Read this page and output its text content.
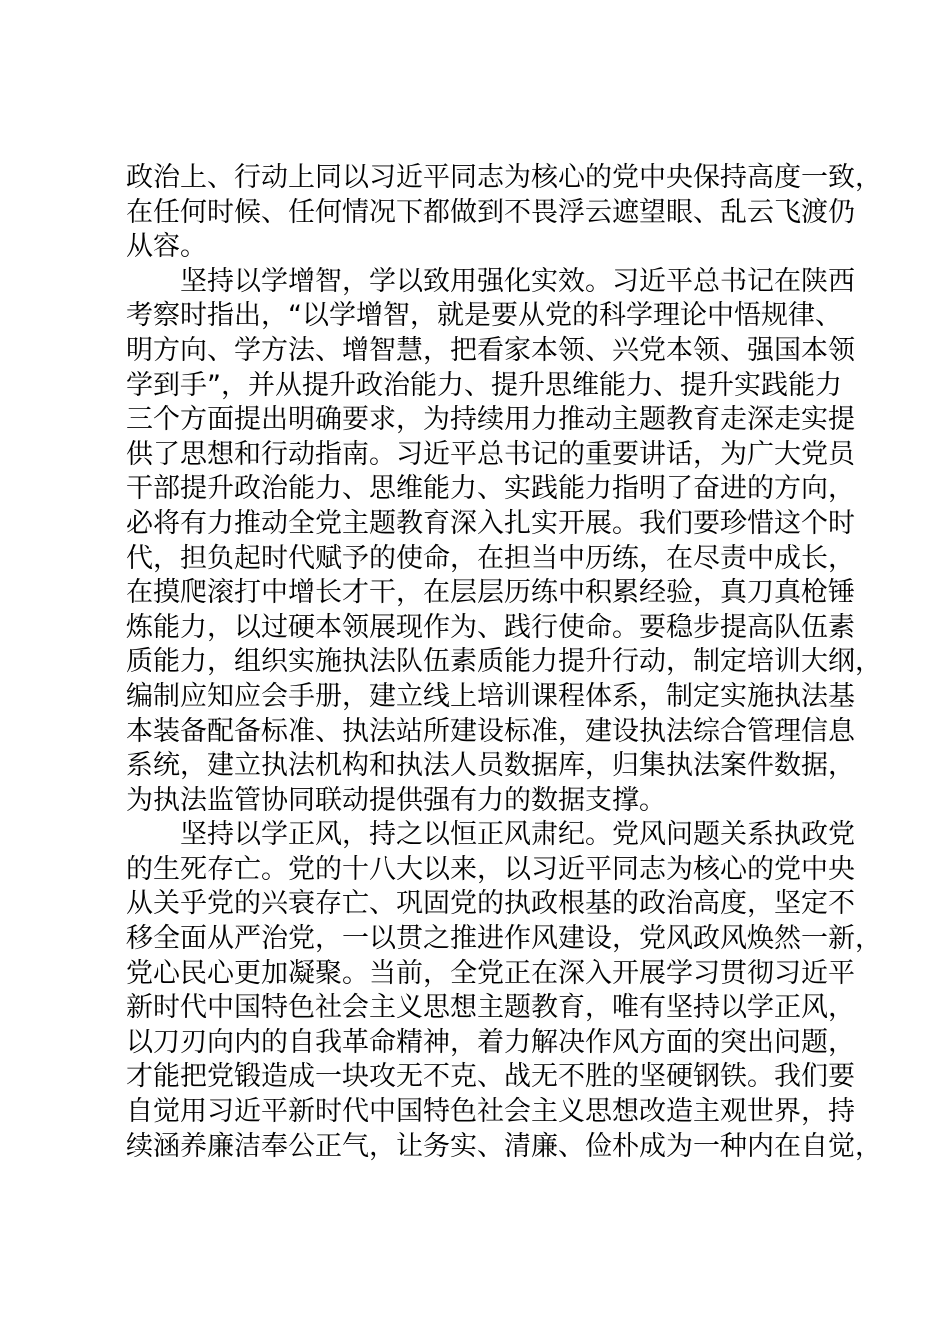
政治上、行动上同以习近平同志为核心的党中央保持高度一致，
在任何时候、任何情况下都做到不畏浮云遮望眼、乱云飞渡仍
从容。
坚持以学增智，学以致用强化实效。习近平总书记在陕西
考察时指出，“以学增智，就是要从党的科学理论中悟规律、
明方向、学方法、增智慧，把看家本领、兴党本领、强国本领
学到手”，并从提升政治能力、提升思维能力、提升实践能力
三个方面提出明确要求，为持续用力推动主题教育走深走实提
供了思想和行动指南。习近平总书记的重要讲话，为广大党员
干部提升政治能力、思维能力、实践能力指明了奋进的方向，
必将有力推动全党主题教育深入扎实开展。我们要珍惜这个时
代，担负起时代赋予的使命，在担当中历练，在尽责中成长，
在摸爬滚打中增长才干，在层层历练中积累经验，真刀真枪锤
炼能力，以过硬本领展现作为、践行使命。要稳步提高队伍素
质能力，组织实施执法队伍素质能力提升行动，制定培训大纲，
编制应知应会手册，建立线上培训课程体系，制定实施执法基
本装备配备标准、执法站所建设标准，建设执法综合管理信息
系统，建立执法机构和执法人员数据库，归集执法案件数据，
为执法监管协同联动提供强有力的数据支撑。
坚持以学正风，持之以恒正风肃纪。党风问题关系执政党
的生死存亡。党的十八大以来，以习近平同志为核心的党中央
从关乎党的兴衰存亡、巩固党的执政根基的政治高度，坚定不
移全面从严治党，一以贯之推进作风建设，党风政风焕然一新，
党心民心更加凝聚。当前，全党正在深入开展学习贯彻习近平
新时代中国特色社会主义思想主题教育，唯有坚持以学正风，
以刀刃向内的自我革命精神，着力解决作风方面的突出问题，
才能把党锻造成一块攻无不克、战无不胜的坚硬钢铁。我们要
自觉用习近平新时代中国特色社会主义思想改造主观世界，持
续涵养廉洁奉公正气，让务实、清廉、俭朴成为一种内在自觉，
